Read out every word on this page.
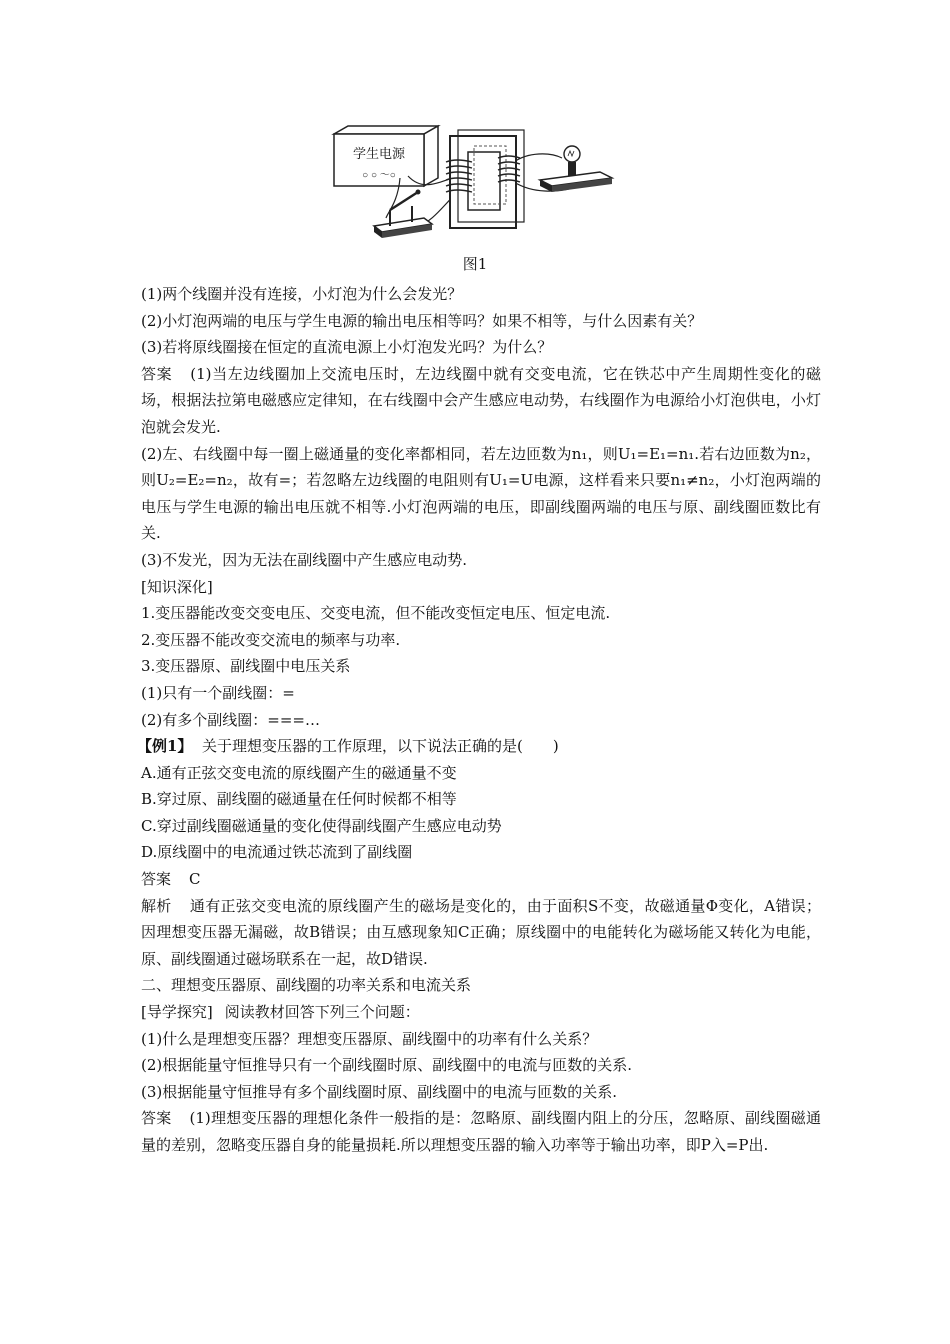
学生电源
○ ○ ～○
图1

(1)两个线圈并没有连接，小灯泡为什么会发光？

(2)小灯泡两端的电压与学生电源的输出电压相等吗？如果不相等，与什么因素有关？

(3)若将原线圈接在恒定的直流电源上小灯泡发光吗？为什么？

答案 (1)当左边线圈加上交流电压时，左边线圈中就有交变电流，它在铁芯中产生周期性变化的磁场，根据法拉第电磁感应定律知，在右线圈中会产生感应电动势，右线圈作为电源给小灯泡供电，小灯泡就会发光.

(2)左、右线圈中每一圈上磁通量的变化率都相同，若左边匝数为n₁，则U₁=E₁=n₁.若右边匝数为n₂，则U₂=E₂=n₂，故有=；若忽略左边线圈的电阻则有U₁=U电源，这样看来只要n₁≠n₂，小灯泡两端的电压与学生电源的输出电压就不相等.小灯泡两端的电压，即副线圈两端的电压与原、副线圈匝数比有关.

(3)不发光，因为无法在副线圈中产生感应电动势.

[知识深化]

1.变压器能改变交变电压、交变电流，但不能改变恒定电压、恒定电流.

2.变压器不能改变交流电的频率与功率.

3.变压器原、副线圈中电压关系

(1)只有一个副线圈：=

(2)有多个副线圈：===…

【例1】 关于理想变压器的工作原理，以下说法正确的是(　　)

A.通有正弦交变电流的原线圈产生的磁通量不变

B.穿过原、副线圈的磁通量在任何时候都不相等

C.穿过副线圈磁通量的变化使得副线圈产生感应电动势

D.原线圈中的电流通过铁芯流到了副线圈

答案 C

解析 通有正弦交变电流的原线圈产生的磁场是变化的，由于面积S不变，故磁通量Φ变化，A错误；因理想变压器无漏磁，故B错误；由互感现象知C正确；原线圈中的电能转化为磁场能又转化为电能，原、副线圈通过磁场联系在一起，故D错误.

二、理想变压器原、副线圈的功率关系和电流关系

[导学探究] 阅读教材回答下列三个问题：

(1)什么是理想变压器？理想变压器原、副线圈中的功率有什么关系？

(2)根据能量守恒推导只有一个副线圈时原、副线圈中的电流与匝数的关系.

(3)根据能量守恒推导有多个副线圈时原、副线圈中的电流与匝数的关系.

答案 (1)理想变压器的理想化条件一般指的是：忽略原、副线圈内阻上的分压，忽略原、副线圈磁通量的差别，忽略变压器自身的能量损耗.所以理想变压器的输入功率等于输出功率，即P入=P出.
